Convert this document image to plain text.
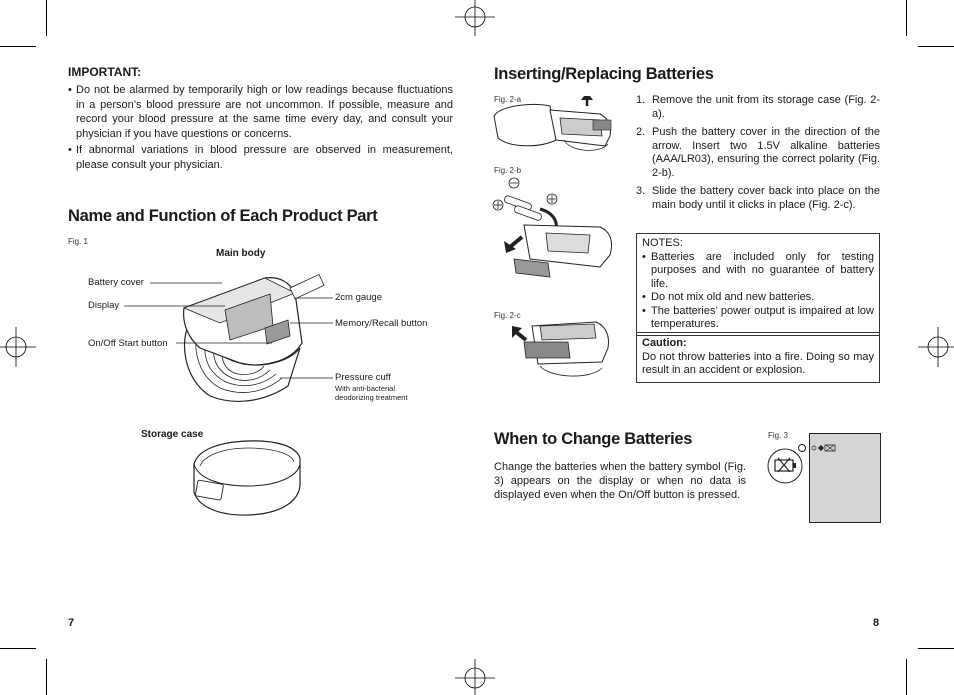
IMPORTANT:
• Do not be alarmed by temporarily high or low readings because fluctuations in a person’s blood pressure are not uncommon. If possible, measure and record your blood pressure at the same time every day, and consult your physician if you have questions or concerns.
• If abnormal variations in blood pressure are observed in measurement, please consult your physician.
Name and Function of Each Product Part
Fig. 1
Main body
Battery cover
Display
On/Off Start button
2cm gauge
Memory/Recall button
Pressure cuff
With anti-bacterial
deodorizing treatment
Storage case
7
Inserting/Replacing Batteries
Fig. 2-a
Fig. 2-b
Fig. 2-c
1. Remove the unit from its storage case (Fig. 2-a).
2. Push the battery cover in the direction of the arrow. Insert two 1.5V alkaline batteries (AAA/LR03), ensuring the correct polarity (Fig. 2-b).
3. Slide the battery cover back into place on the main body until it clicks in place (Fig. 2-c).
NOTES:
• Batteries are included only for testing purposes and with no guarantee of battery life.
• Do not mix old and new batteries.
• The batteries’ power output is impaired at low temperatures.
Caution:
Do not throw batteries into a fire. Doing so may result in an accident or explosion.
When to Change Batteries
Change the batteries when the battery symbol (Fig. 3) appears on the display or when no data is displayed even when the On/Off button is pressed.
Fig. 3
8
